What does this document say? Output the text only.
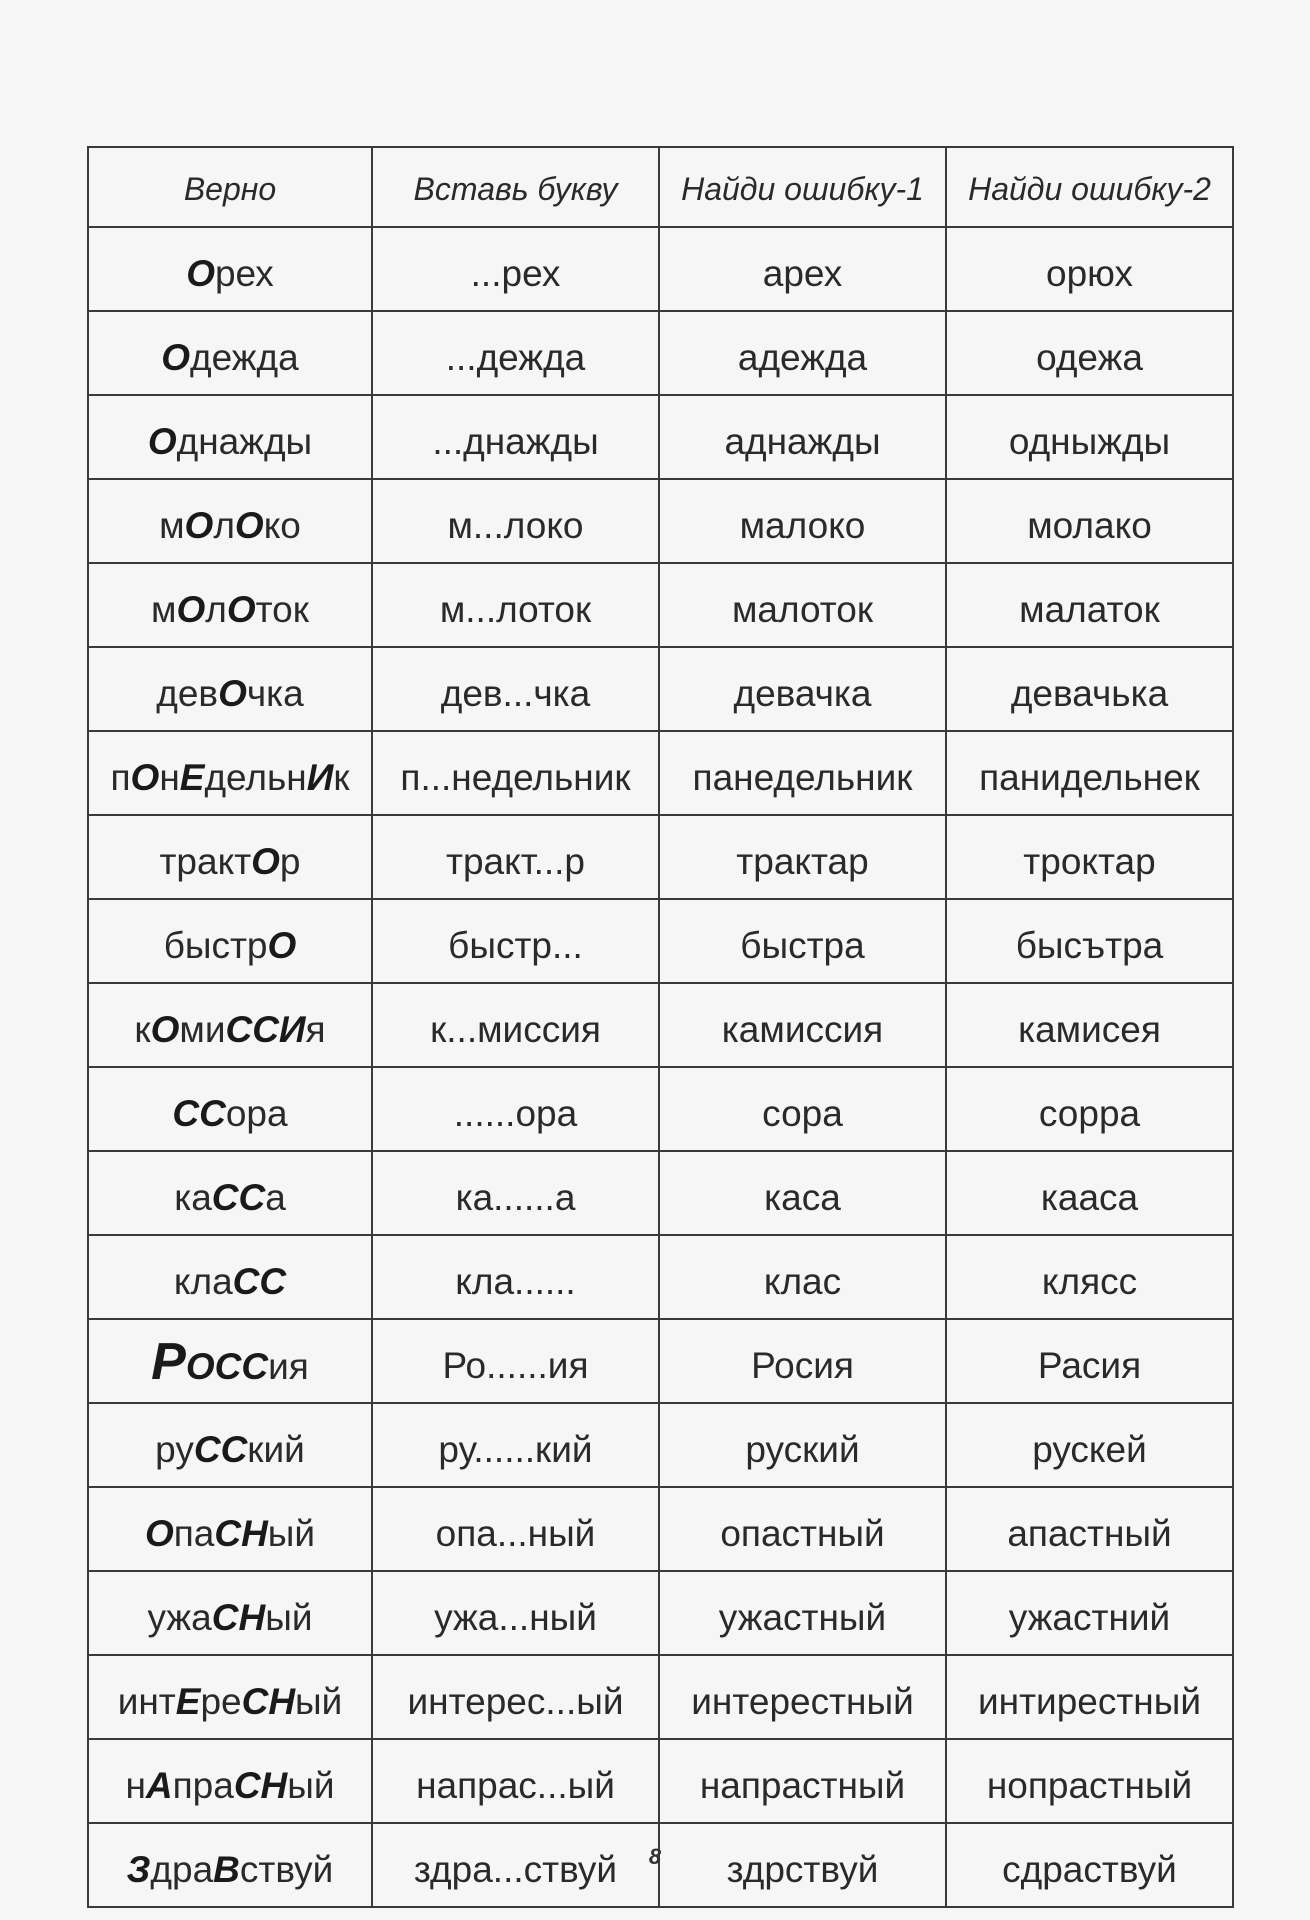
Верно	Вставь букву	Найди ошибку-1	Найди ошибку-2
Орех	...рех	арех	орюх
Одежда	...дежда	адежда	одежа
Однажды	...днажды	аднажды	одныжды
мОлОко	м...локо	малоко	молако
мОлОток	м...лоток	малоток	малаток
девОчка	дев...чка	девачка	девачька
пОнЕдельнИк	п...недельник	панедельник	панидельнек
трактОр	тракт...р	трактар	троктар
быстрО	быстр...	быстра	бысътра
кОмиССИя	к...миссия	камиссия	камисея
ССора	......ора	сора	сорра
каССа	ка......а	каса	кааса
клаСС	кла......	клас	клясс
РОССия	Ро......ия	Росия	Расия
руССкий	ру......кий	руский	рускей
ОпаСНый	опа...ный	опастный	апастный
ужаСНый	ужа...ный	ужастный	ужастний
интЕреСНый	интерес...ый	интерестный	интирестный
нАпраСНый	напрас...ый	напрастный	нопрастный
ЗдраВствуй	здра...ствуй	здрствуй	сдраствуй
8
